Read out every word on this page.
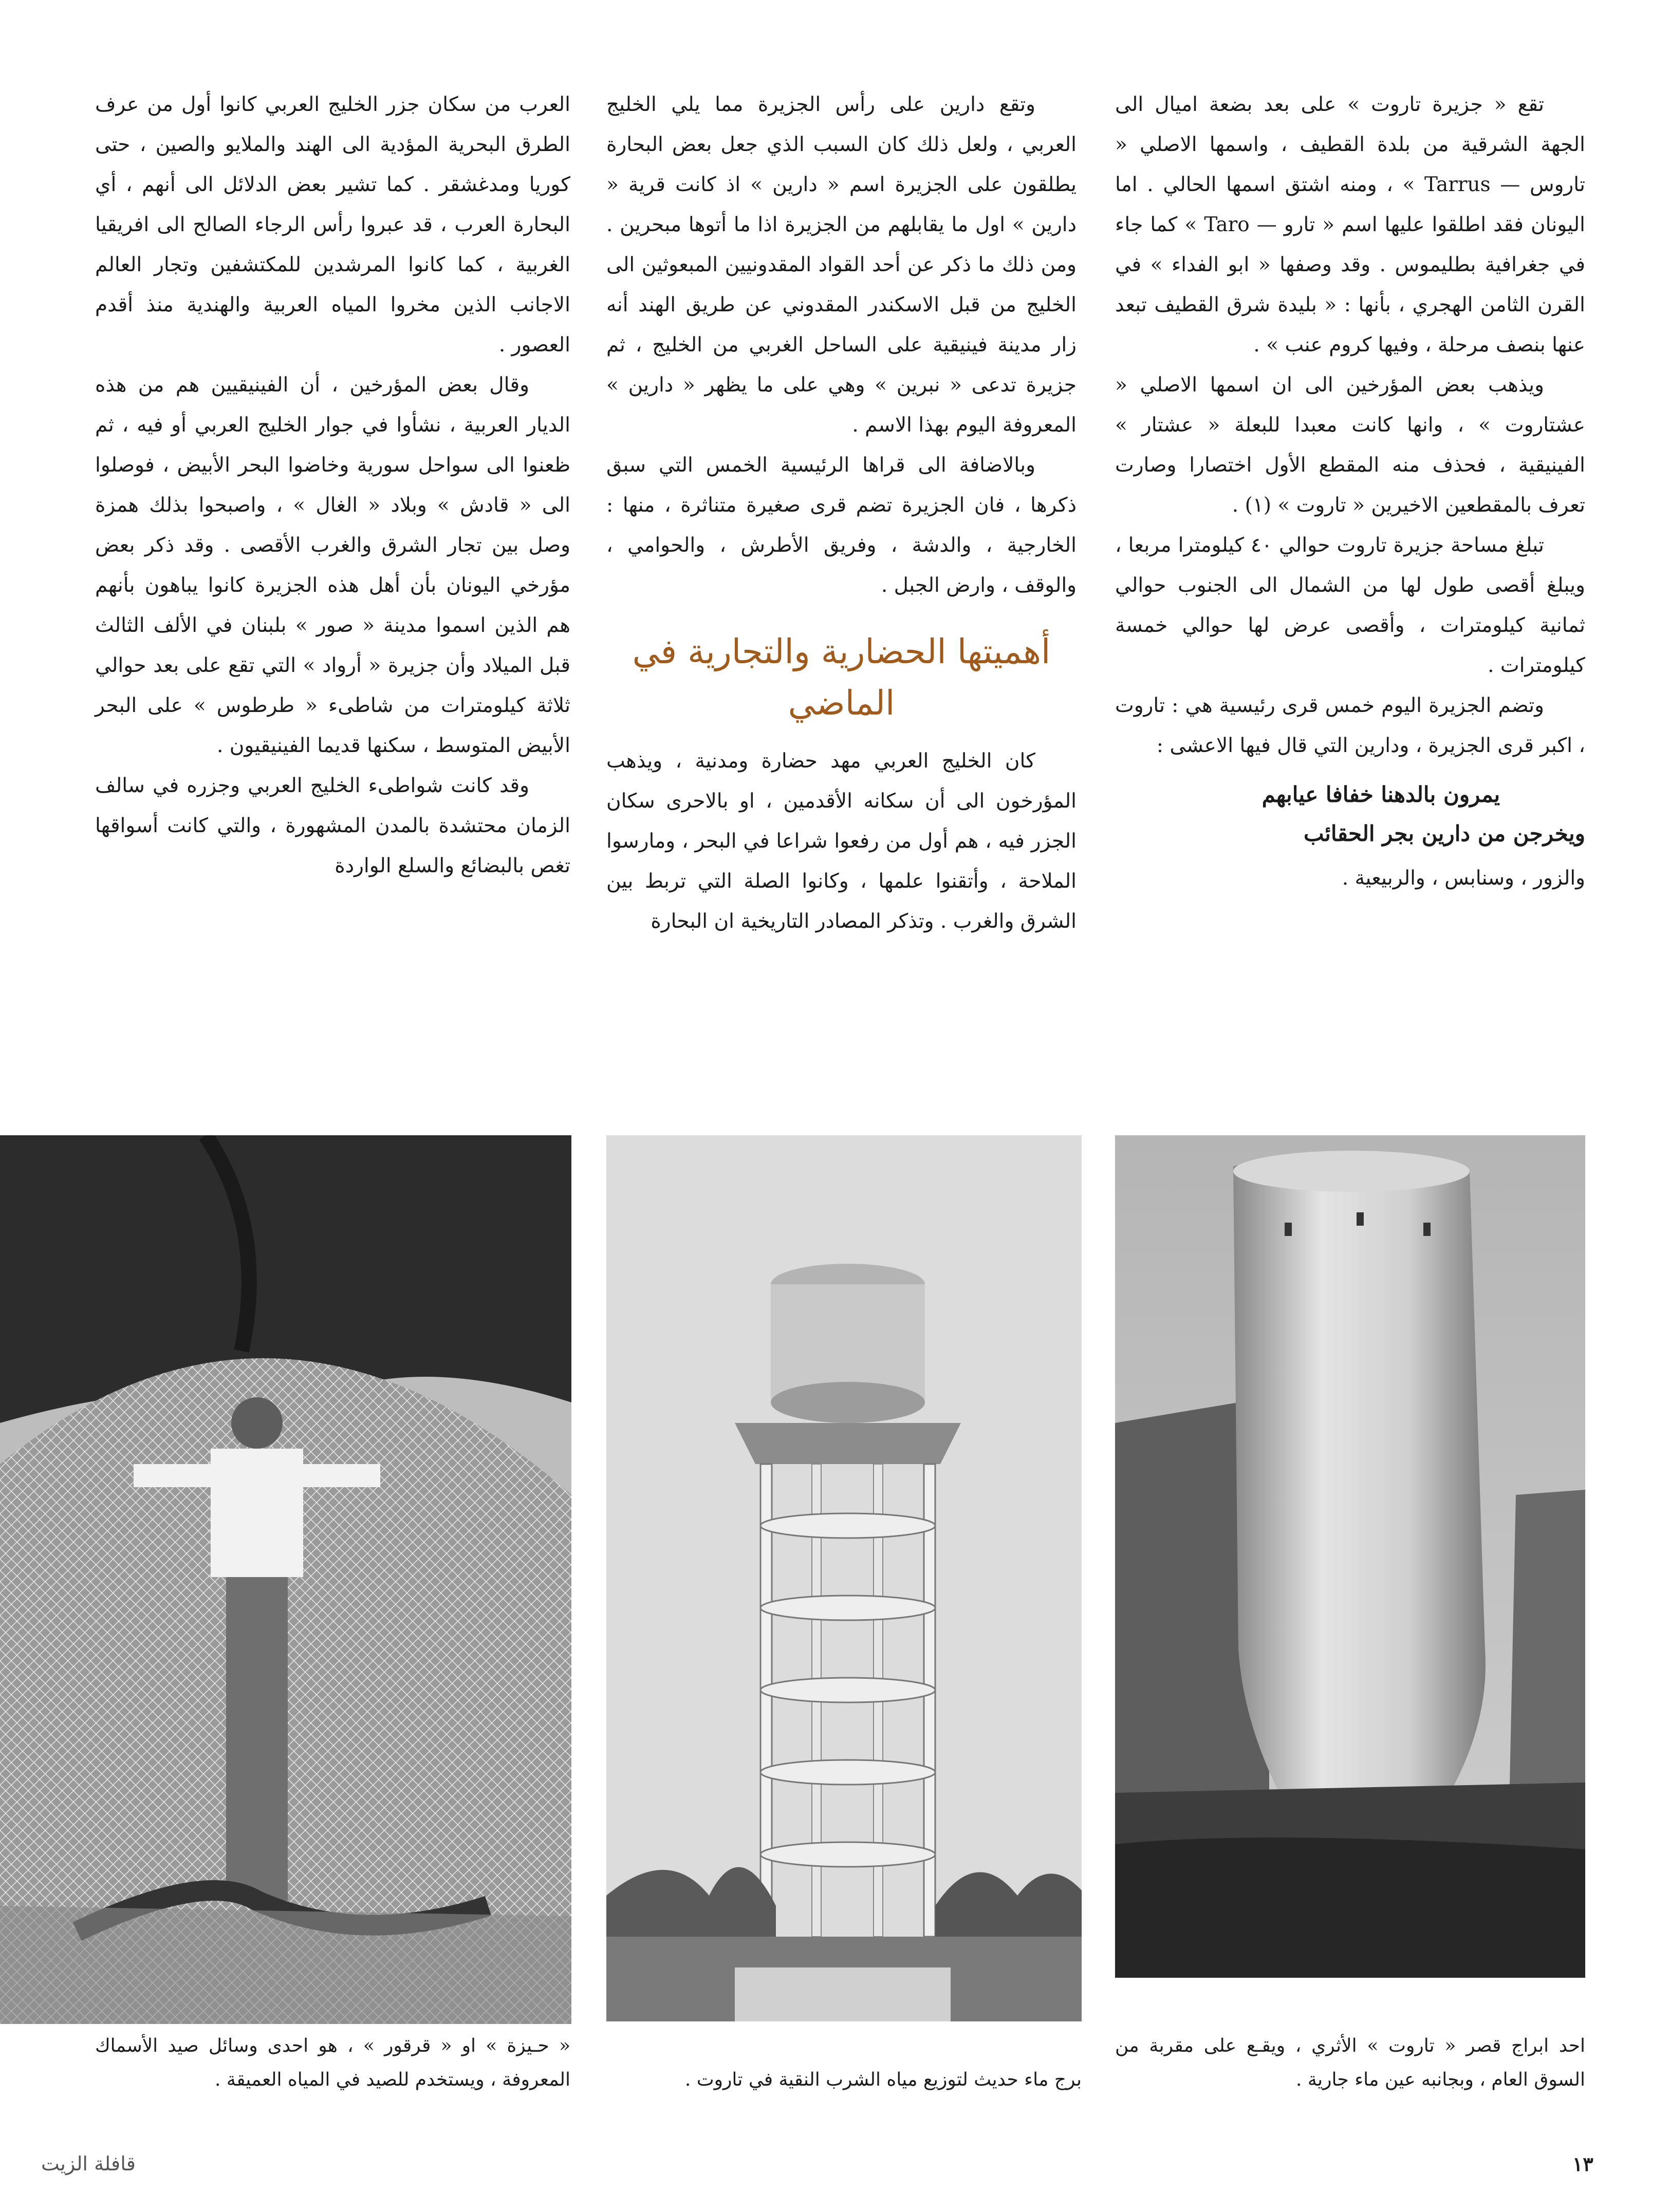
تقع « جزيرة تاروت » على بعد بضعة اميال الى الجهة الشرقية من بلدة القطيف ، واسمها الاصلي « تاروس — Tarrus » ، ومنه اشتق اسمها الحالي . اما اليونان فقد اطلقوا عليها اسم « تارو — Taro » كما جاء في جغرافية بطليموس . وقد وصفها « ابو الفداء » في القرن الثامن الهجري ، بأنها : « بليدة شرق القطيف تبعد عنها بنصف مرحلة ، وفيها كروم عنب » .

ويذهب بعض المؤرخين الى ان اسمها الاصلي « عشتاروت » ، وانها كانت معبدا للبعلة « عشتار » الفينيقية ، فحذف منه المقطع الأول اختصارا وصارت تعرف بالمقطعين الاخيرين « تاروت » (١) .

تبلغ مساحة جزيرة تاروت حوالي ٤٠ كيلومترا مربعا ، ويبلغ أقصى طول لها من الشمال الى الجنوب حوالي ثمانية كيلومترات ، وأقصى عرض لها حوالي خمسة كيلومترات .

وتضم الجزيرة اليوم خمس قرى رئيسية هي : تاروت ، اكبر قرى الجزيرة ، ودارين التي قال فيها الاعشى :

يمرون بالدهنا خفافا عيابهم
ويخرجن من دارين بجر الحقائب

والزور ، وسنابس ، والربيعية .

وتقع دارين على رأس الجزيرة مما يلي الخليج العربي ، ولعل ذلك كان السبب الذي جعل بعض البحارة يطلقون على الجزيرة اسم « دارين » اذ كانت قرية « دارين » اول ما يقابلهم من الجزيرة اذا ما أتوها مبحرين . ومن ذلك ما ذكر عن أحد القواد المقدونيين المبعوثين الى الخليج من قبل الاسكندر المقدوني عن طريق الهند أنه زار مدينة فينيقية على الساحل الغربي من الخليج ، ثم جزيرة تدعى « نبرين » وهي على ما يظهر « دارين » المعروفة اليوم بهذا الاسم .

وبالاضافة الى قراها الرئيسية الخمس التي سبق ذكرها ، فان الجزيرة تضم قرى صغيرة متناثرة ، منها : الخارجية ، والدشة ، وفريق الأطرش ، والحوامي ، والوقف ، وارض الجبل .

أهميتها الحضارية والتجارية في الماضي

كان الخليج العربي مهد حضارة ومدنية ، ويذهب المؤرخون الى أن سكانه الأقدمين ، او بالاحرى سكان الجزر فيه ، هم أول من رفعوا شراعا في البحر ، ومارسوا الملاحة ، وأتقنوا علمها ، وكانوا الصلة التي تربط بين الشرق والغرب . وتذكر المصادر التاريخية ان البحارة

العرب من سكان جزر الخليج العربي كانوا أول من عرف الطرق البحرية المؤدية الى الهند والملايو والصين ، حتى كوريا ومدغشقر . كما تشير بعض الدلائل الى أنهم ، أي البحارة العرب ، قد عبروا رأس الرجاء الصالح الى افريقيا الغربية ، كما كانوا المرشدين للمكتشفين وتجار العالم الاجانب الذين مخروا المياه العربية والهندية منذ أقدم العصور .

وقال بعض المؤرخين ، أن الفينيقيين هم من هذه الديار العربية ، نشأوا في جوار الخليج العربي أو فيه ، ثم ظعنوا الى سواحل سورية وخاضوا البحر الأبيض ، فوصلوا الى « قادش » وبلاد « الغال » ، واصبحوا بذلك همزة وصل بين تجار الشرق والغرب الأقصى . وقد ذكر بعض مؤرخي اليونان بأن أهل هذه الجزيرة كانوا يباهون بأنهم هم الذين اسموا مدينة « صور » بلبنان في الألف الثالث قبل الميلاد وأن جزيرة « أرواد » التي تقع على بعد حوالي ثلاثة كيلومترات من شاطىء « طرطوس » على البحر الأبيض المتوسط ، سكنها قديما الفينيقيون .

وقد كانت شواطىء الخليج العربي وجزره في سالف الزمان محتشدة بالمدن المشهورة ، والتي كانت أسواقها تغص بالبضائع والسلع الواردة

احد ابراج قصر « تاروت » الأثري ، ويقـع على مقربة من السوق العام ، وبجانبه عين ماء جارية .
برج ماء حديث لتوزيع مياه الشرب النقية في تاروت .
« حـيزة » او « قرقور » ، هو احدى وسائل صيد الأسماك المعروفة ، ويستخدم للصيد في المياه العميقة .
١٣
قافلة الزيت
